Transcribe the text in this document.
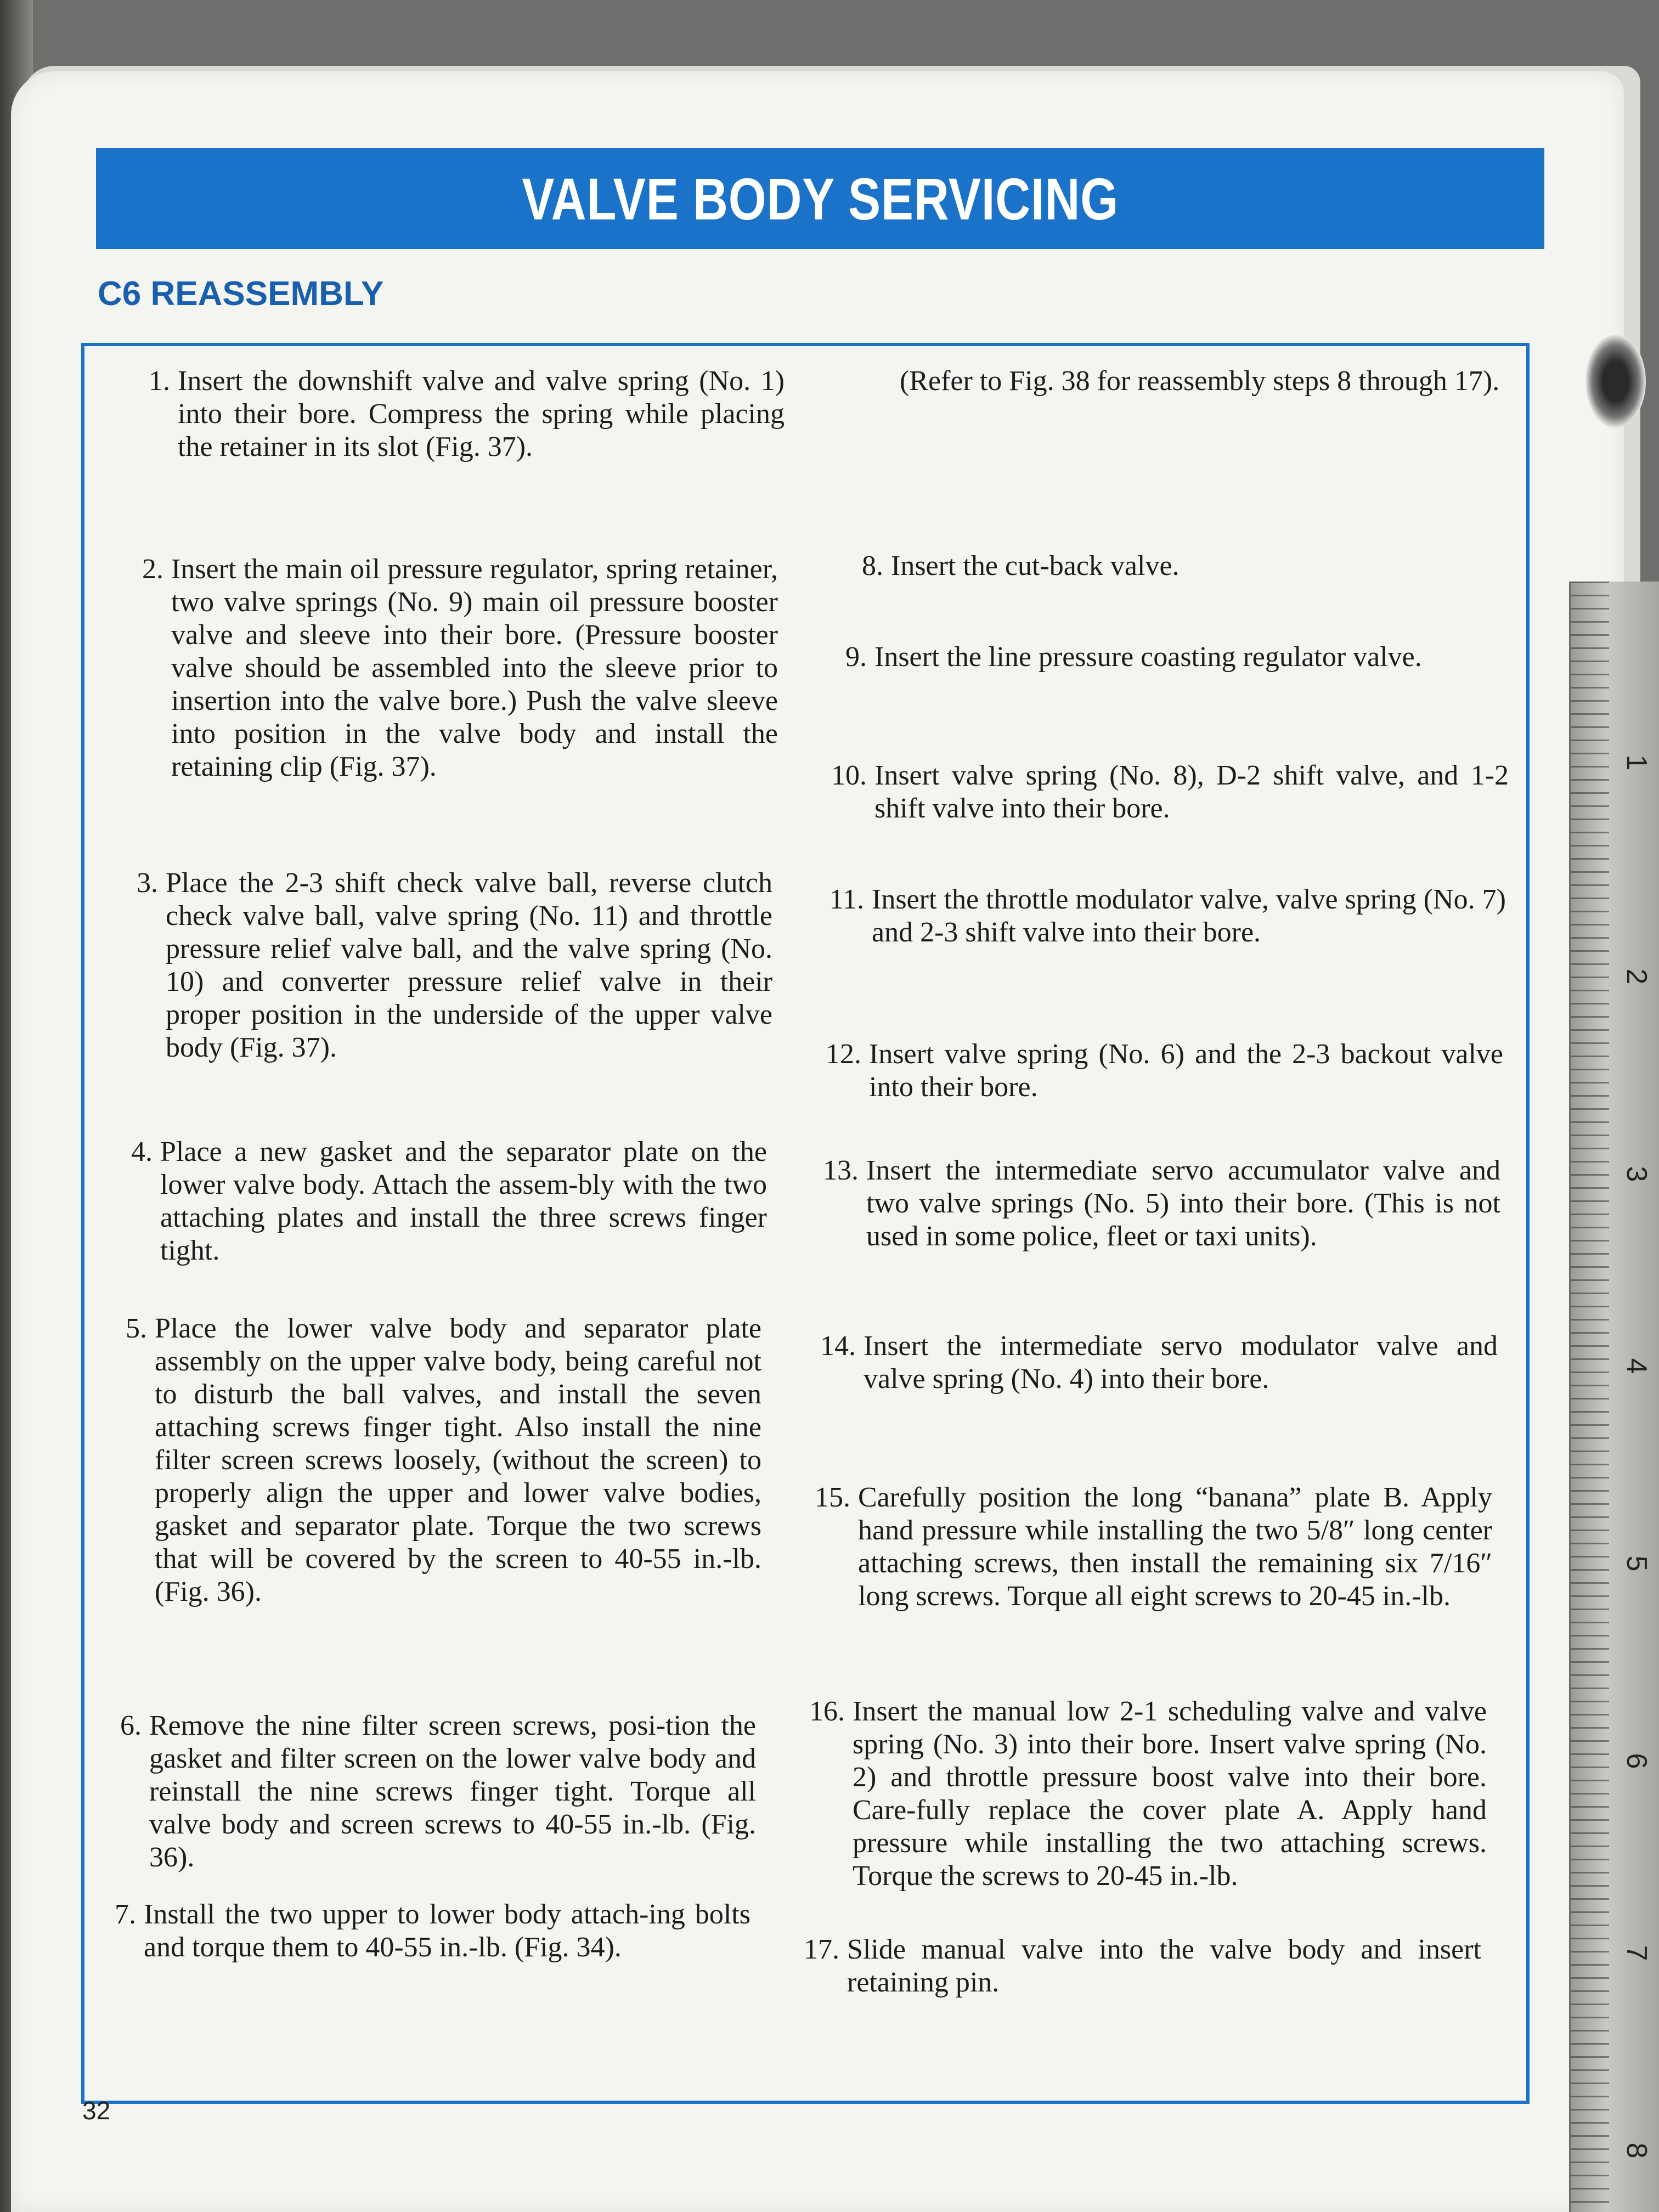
VALVE BODY SERVICING
C6 REASSEMBLY
(Refer to Fig. 38 for reassembly steps 8 through 17).
1. Insert the downshift valve and valve spring (No. 1) into their bore. Compress the spring while placing the retainer in its slot (Fig. 37).
2. Insert the main oil pressure regulator, spring retainer, two valve springs (No. 9) main oil pressure booster valve and sleeve into their bore. (Pressure booster valve should be assembled into the sleeve prior to insertion into the valve bore.) Push the valve sleeve into position in the valve body and install the retaining clip (Fig. 37).
3. Place the 2-3 shift check valve ball, reverse clutch check valve ball, valve spring (No. 11) and throttle pressure relief valve ball, and the valve spring (No. 10) and converter pressure relief valve in their proper position in the underside of the upper valve body (Fig. 37).
4. Place a new gasket and the separator plate on the lower valve body. Attach the assem-bly with the two attaching plates and install the three screws finger tight.
5. Place the lower valve body and separator plate assembly on the upper valve body, being careful not to disturb the ball valves, and install the seven attaching screws finger tight. Also install the nine filter screen screws loosely, (without the screen) to properly align the upper and lower valve bodies, gasket and separator plate. Torque the two screws that will be covered by the screen to 40-55 in.-lb. (Fig. 36).
6. Remove the nine filter screen screws, posi-tion the gasket and filter screen on the lower valve body and reinstall the nine screws finger tight. Torque all valve body and screen screws to 40-55 in.-lb. (Fig. 36).
7. Install the two upper to lower body attach-ing bolts and torque them to 40-55 in.-lb. (Fig. 34).
8. Insert the cut-back valve.
9. Insert the line pressure coasting regulator valve.
10. Insert valve spring (No. 8), D-2 shift valve, and 1-2 shift valve into their bore.
11. Insert the throttle modulator valve, valve spring (No. 7) and 2-3 shift valve into their bore.
12. Insert valve spring (No. 6) and the 2-3 backout valve into their bore.
13. Insert the intermediate servo accumulator valve and two valve springs (No. 5) into their bore. (This is not used in some police, fleet or taxi units).
14. Insert the intermediate servo modulator valve and valve spring (No. 4) into their bore.
15. Carefully position the long “banana” plate B. Apply hand pressure while installing the two 5/8″ long center attaching screws, then install the remaining six 7/16″ long screws. Torque all eight screws to 20-45 in.-lb.
16. Insert the manual low 2-1 scheduling valve and valve spring (No. 3) into their bore. Insert valve spring (No. 2) and throttle pressure boost valve into their bore. Care-fully replace the cover plate A. Apply hand pressure while installing the two attaching screws. Torque the screws to 20-45 in.-lb.
17. Slide manual valve into the valve body and insert retaining pin.
32
1
2
3
4
5
6
7
8
